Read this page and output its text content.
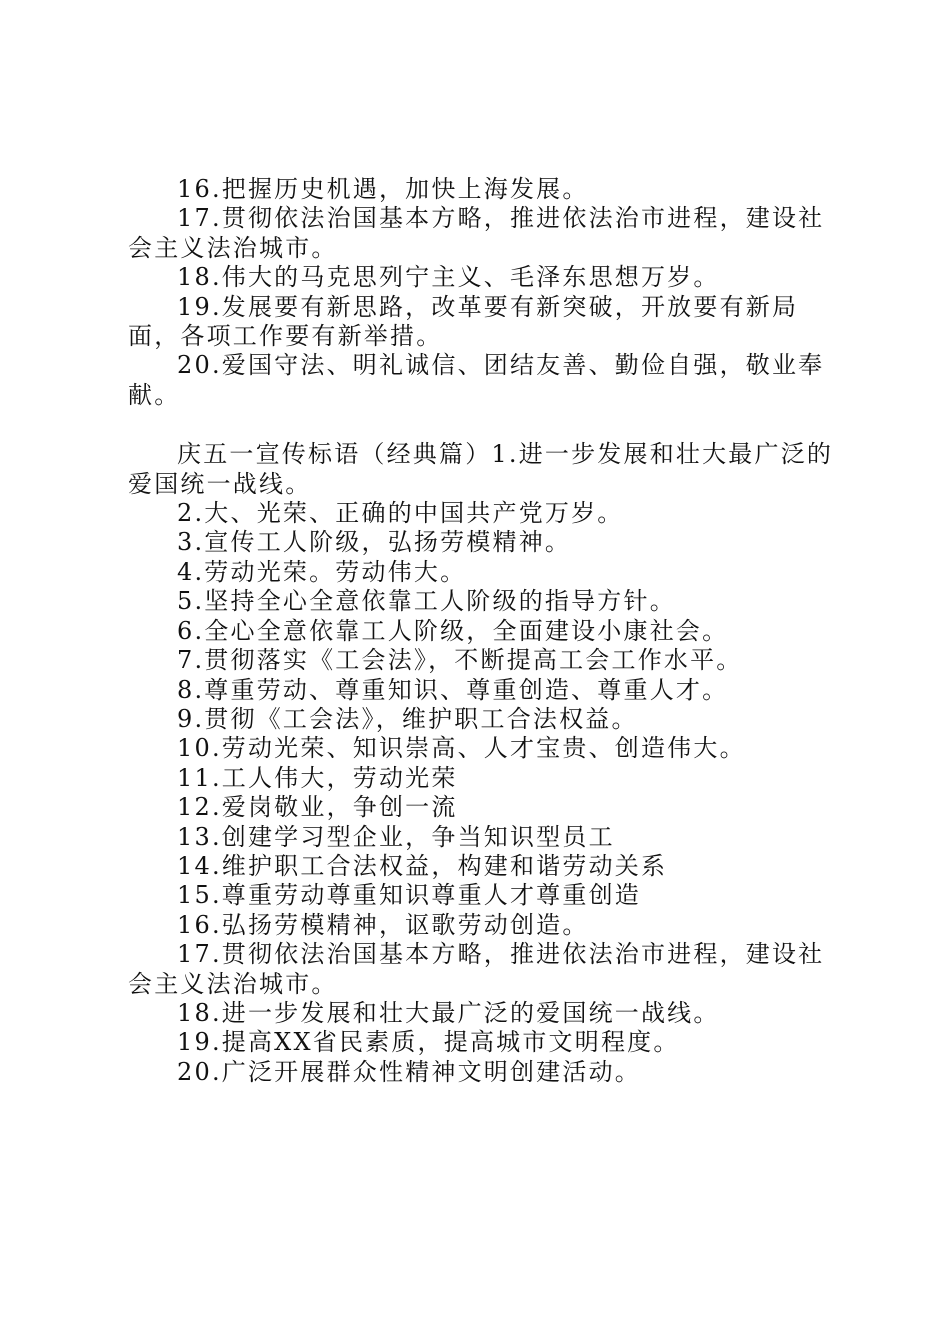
16.把握历史机遇，加快上海发展。

17.贯彻依法治国基本方略，推进依法治市进程，建设社会主义法治城市。

18.伟大的马克思列宁主义、毛泽东思想万岁。

19.发展要有新思路，改革要有新突破，开放要有新局面，各项工作要有新举措。

20.爱国守法、明礼诚信、团结友善、勤俭自强，敬业奉献。

庆五一宣传标语（经典篇）1.进一步发展和壮大最广泛的爱国统一战线。

2.大、光荣、正确的中国共产党万岁。

3.宣传工人阶级，弘扬劳模精神。

4.劳动光荣。劳动伟大。

5.坚持全心全意依靠工人阶级的指导方针。

6.全心全意依靠工人阶级，全面建设小康社会。

7.贯彻落实《工会法》，不断提高工会工作水平。

8.尊重劳动、尊重知识、尊重创造、尊重人才。

9.贯彻《工会法》，维护职工合法权益。

10.劳动光荣、知识崇高、人才宝贵、创造伟大。

11.工人伟大，劳动光荣

12.爱岗敬业，争创一流

13.创建学习型企业，争当知识型员工

14.维护职工合法权益，构建和谐劳动关系

15.尊重劳动尊重知识尊重人才尊重创造

16.弘扬劳模精神，讴歌劳动创造。

17.贯彻依法治国基本方略，推进依法治市进程，建设社会主义法治城市。

18.进一步发展和壮大最广泛的爱国统一战线。

19.提高XX省民素质，提高城市文明程度。

20.广泛开展群众性精神文明创建活动。
